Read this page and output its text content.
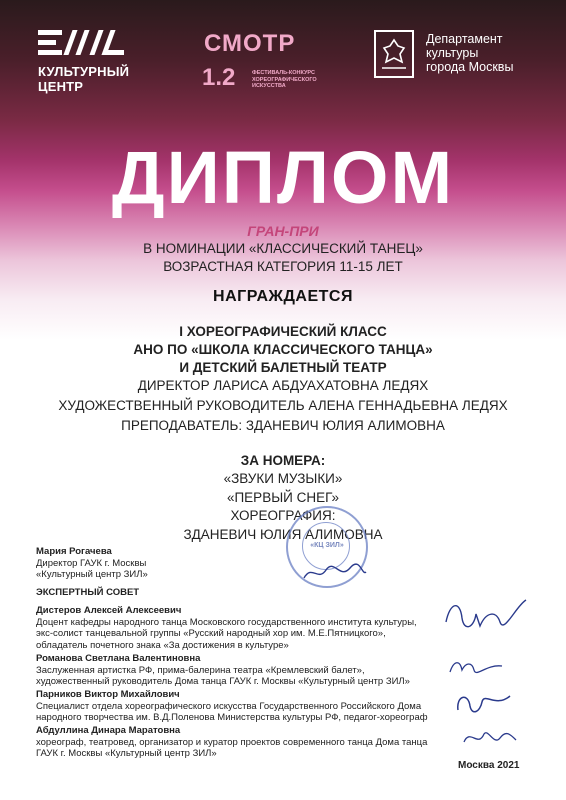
КУЛЬТУРНЫЙ
ЦЕНТР
СМОТР
1.2	ФЕСТИВАЛЬ-КОНКУРС ХОРЕОГРАФИЧЕСКОГО ИСКУССТВА
Департамент
культуры
города Москвы
ДИПЛОМ
ГРАН-ПРИ
В НОМИНАЦИИ «КЛАССИЧЕСКИЙ ТАНЕЦ»
ВОЗРАСТНАЯ КАТЕГОРИЯ 11-15 ЛЕТ
НАГРАЖДАЕТСЯ
I ХОРЕОГРАФИЧЕСКИЙ КЛАСС
АНО ПО «ШКОЛА КЛАССИЧЕСКОГО ТАНЦА»
И ДЕТСКИЙ БАЛЕТНЫЙ ТЕАТР
ДИРЕКТОР ЛАРИСА АБДУАХАТОВНА ЛЕДЯХ
ХУДОЖЕСТВЕННЫЙ РУКОВОДИТЕЛЬ АЛЕНА ГЕННАДЬЕВНА ЛЕДЯХ
ПРЕПОДАВАТЕЛЬ: ЗДАНЕВИЧ ЮЛИЯ АЛИМОВНА
ЗА НОМЕРА:
«ЗВУКИ МУЗЫКИ»
«ПЕРВЫЙ СНЕГ»
ХОРЕОГРАФИЯ:
ЗДАНЕВИЧ ЮЛИЯ АЛИМОВНА
«КЦ ЗИЛ»
Мария Рогачева
Директор ГАУК г. Москвы
«Культурный центр ЗИЛ»
ЭКСПЕРТНЫЙ СОВЕТ
Дистеров Алексей Алексеевич
Доцент кафедры народного танца Московского государственного института культуры,
экс-солист танцевальной группы «Русский народный хор им. М.Е.Пятницкого»,
обладатель почетного знака «За достижения в культуре»
Романова Светлана Валентиновна
Заслуженная артистка РФ, прима-балерина театра «Кремлевский балет»,
художественный руководитель Дома танца ГАУК г. Москвы «Культурный центр ЗИЛ»
Парников Виктор Михайлович
Специалист отдела хореографического искусства Государственного Российского Дома
народного творчества им. В.Д.Поленова Министерства культуры РФ, педагог-хореограф
Абдуллина Динара Маратовна
хореограф, театровед, организатор и куратор проектов современного танца Дома танца
ГАУК г. Москвы «Культурный центр ЗИЛ»
Москва 2021
